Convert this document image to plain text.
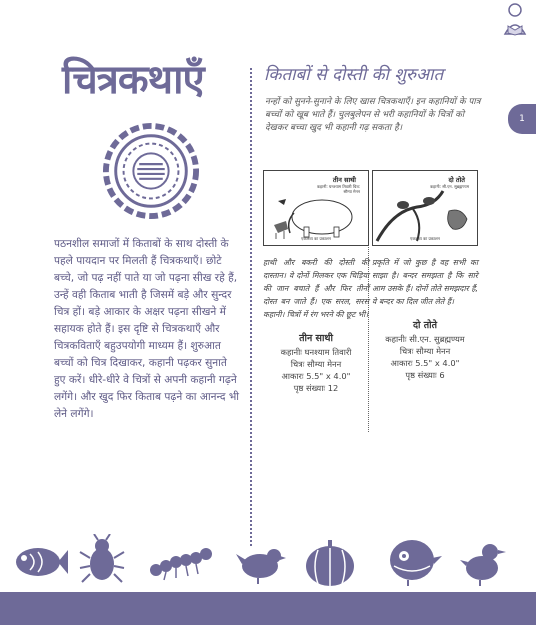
1
चित्रकथाएँ

पठनशील समाजों में किताबों के साथ दोस्ती के पहले पायदान पर मिलती हैं चित्रकथाएँ। छोटे बच्चे, जो पढ़ नहीं पाते या जो पढ़ना सीख रहे हैं, उन्हें वही किताब भाती है जिसमें बड़े और सुन्दर चित्र हों। बड़े आकार के अक्षर पढ़ना सीखने में सहायक होते हैं। इस दृष्टि से चित्रकथाएँ और चित्रकविताएँ बहुउपयोगी माध्यम हैं। शुरुआत बच्चों को चित्र दिखाकर, कहानी पढ़कर सुनाते हुए करें। धीरे-धीरे वे चित्रों से अपनी कहानी गढ़ने लगेंगे। और खुद फिर किताब पढ़ने का आनन्द भी लेने लगेंगे।

किताबों से दोस्ती की शुरुआत

नन्हों को सुनने-सुनाने के लिए खास चित्रकथाएँ। इन कहानियों के पात्र बच्चों को खूब भाते हैं। चुलबुलेपन से भरी कहानियों के चित्रों को देखकर बच्चा खुद भी कहानी गढ़ सकता है।

तीन साथी
कहानी: घनश्याम तिवारी चित्र: सौम्या मेनन
एकलव्य का प्रकाशन

हाथी और बकरी की दोस्ती की दास्तान। वे दोनों मिलकर एक चिड़िया की जान बचाते हैं और फिर तीनों दोस्त बन जाते हैं। एक सरल, सरस कहानी। चित्रों में रंग भरने की छूट भी।

तीन साथी

कहानीः घनश्याम तिवारी

चित्रः सौम्या मेनन

आकारः 5.5" x 4.0"

पृष्ठ संख्याः 12

दो तोते
कहानी: सी.एन. सुब्रह्मण्यम
एकलव्य का प्रकाशन

प्रकृति में जो कुछ है वह सभी का साझा है। बन्दर समझता है कि सारे आम उसके हैं। दोनों तोते समझदार हैं, वे बन्दर का दिल जीत लेते हैं।

दो तोते

कहानीः सी.एन. सुब्रह्मण्यम

चित्रः सौम्या मेनन

आकारः 5.5" x 4.0"

पृष्ठ संख्याः 6
